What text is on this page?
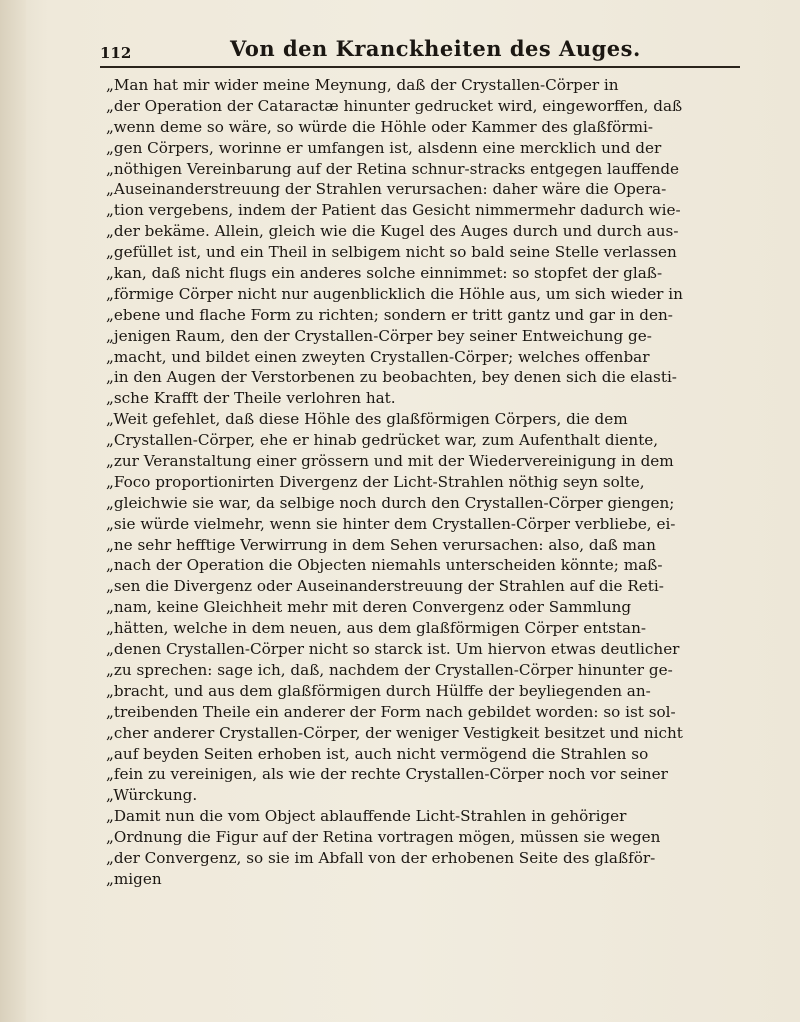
112	Von den Kranckheiten des Auges.
„Man hat mir wider meine Meynung, daß der Crystallen-Cörper in
„der Operation der Cataractæ hinunter gedrucket wird, eingeworffen, daß
„wenn deme so wäre, so würde die Höhle oder Kammer des glaßförmi-
„gen Cörpers, worinne er umfangen ist, alsdenn eine mercklich und der
„nöthigen Vereinbarung auf der Retina schnur-stracks entgegen lauffende
„Auseinanderstreuung der Strahlen verursachen: daher wäre die Opera-
„tion vergebens, indem der Patient das Gesicht nimmermehr dadurch wie-
„der bekäme. Allein, gleich wie die Kugel des Auges durch und durch aus-
„gefüllet ist, und ein Theil in selbigem nicht so bald seine Stelle verlassen
„kan, daß nicht flugs ein anderes solche einnimmet: so stopfet der glaß-
„förmige Cörper nicht nur augenblicklich die Höhle aus, um sich wieder in
„ebene und flache Form zu richten; sondern er tritt gantz und gar in den-
„jenigen Raum, den der Crystallen-Cörper bey seiner Entweichung ge-
„macht, und bildet einen zweyten Crystallen-Cörper; welches offenbar
„in den Augen der Verstorbenen zu beobachten, bey denen sich die elasti-
„sche Krafft der Theile verlohren hat.
„Weit gefehlet, daß diese Höhle des glaßförmigen Cörpers, die dem
„Crystallen-Cörper, ehe er hinab gedrücket war, zum Aufenthalt diente,
„zur Veranstaltung einer grössern und mit der Wiedervereinigung in dem
„Foco proportionirten Divergenz der Licht-Strahlen nöthig seyn solte,
„gleichwie sie war, da selbige noch durch den Crystallen-Cörper giengen;
„sie würde vielmehr, wenn sie hinter dem Crystallen-Cörper verbliebe, ei-
„ne sehr hefftige Verwirrung in dem Sehen verursachen: also, daß man
„nach der Operation die Objecten niemahls unterscheiden könnte; maß-
„sen die Divergenz oder Auseinanderstreuung der Strahlen auf die Reti-
„nam, keine Gleichheit mehr mit deren Convergenz oder Sammlung
„hätten, welche in dem neuen, aus dem glaßförmigen Cörper entstan-
„denen Crystallen-Cörper nicht so starck ist. Um hiervon etwas deutlicher
„zu sprechen: sage ich, daß, nachdem der Crystallen-Cörper hinunter ge-
„bracht, und aus dem glaßförmigen durch Hülffe der beyliegenden an-
„treibenden Theile ein anderer der Form nach gebildet worden: so ist sol-
„cher anderer Crystallen-Cörper, der weniger Vestigkeit besitzet und nicht
„auf beyden Seiten erhoben ist, auch nicht vermögend die Strahlen so
„fein zu vereinigen, als wie der rechte Crystallen-Cörper noch vor seiner
„Würckung.
„Damit nun die vom Object ablauffende Licht-Strahlen in gehöriger
„Ordnung die Figur auf der Retina vortragen mögen, müssen sie wegen
„der Convergenz, so sie im Abfall von der erhobenen Seite des glaßför-
„migen
